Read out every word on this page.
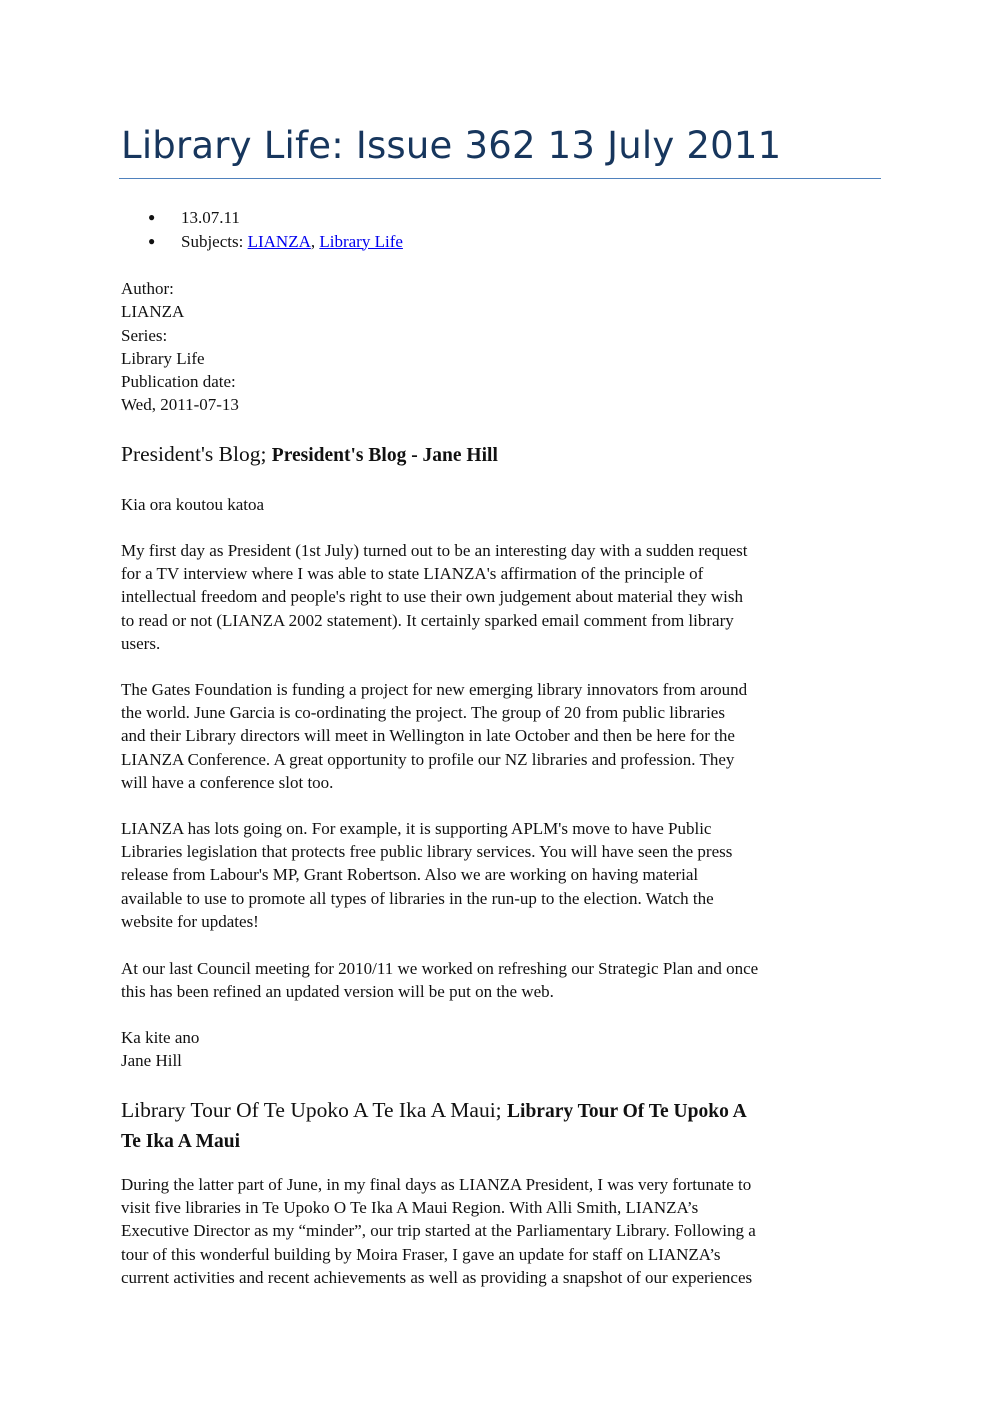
Library Life: Issue 362 13 July 2011
● 13.07.11
● Subjects: LIANZA, Library Life
Author:
LIANZA
Series:
Library Life
Publication date:
Wed, 2011-07-13
President's Blog; President's Blog - Jane Hill

Kia ora koutou katoa

My first day as President (1st July) turned out to be an interesting day with a sudden request
for a TV interview where I was able to state LIANZA's affirmation of the principle of
intellectual freedom and people's right to use their own judgement about material they wish
to read or not (LIANZA 2002 statement). It certainly sparked email comment from library
users.

The Gates Foundation is funding a project for new emerging library innovators from around
the world. June Garcia is co-ordinating the project. The group of 20 from public libraries
and their Library directors will meet in Wellington in late October and then be here for the
LIANZA Conference. A great opportunity to profile our NZ libraries and profession. They
will have a conference slot too.

LIANZA has lots going on. For example, it is supporting APLM's move to have Public
Libraries legislation that protects free public library services. You will have seen the press
release from Labour's MP, Grant Robertson. Also we are working on having material
available to use to promote all types of libraries in the run-up to the election. Watch the
website for updates!

At our last Council meeting for 2010/11 we worked on refreshing our Strategic Plan and once
this has been refined an updated version will be put on the web.

Ka kite ano
Jane Hill

Library Tour Of Te Upoko A Te Ika A Maui; Library Tour Of Te Upoko A
Te Ika A Maui

During the latter part of June, in my final days as LIANZA President, I was very fortunate to
visit five libraries in Te Upoko O Te Ika A Maui Region. With Alli Smith, LIANZA’s
Executive Director as my “minder”, our trip started at the Parliamentary Library. Following a
tour of this wonderful building by Moira Fraser, I gave an update for staff on LIANZA’s
current activities and recent achievements as well as providing a snapshot of our experiences
